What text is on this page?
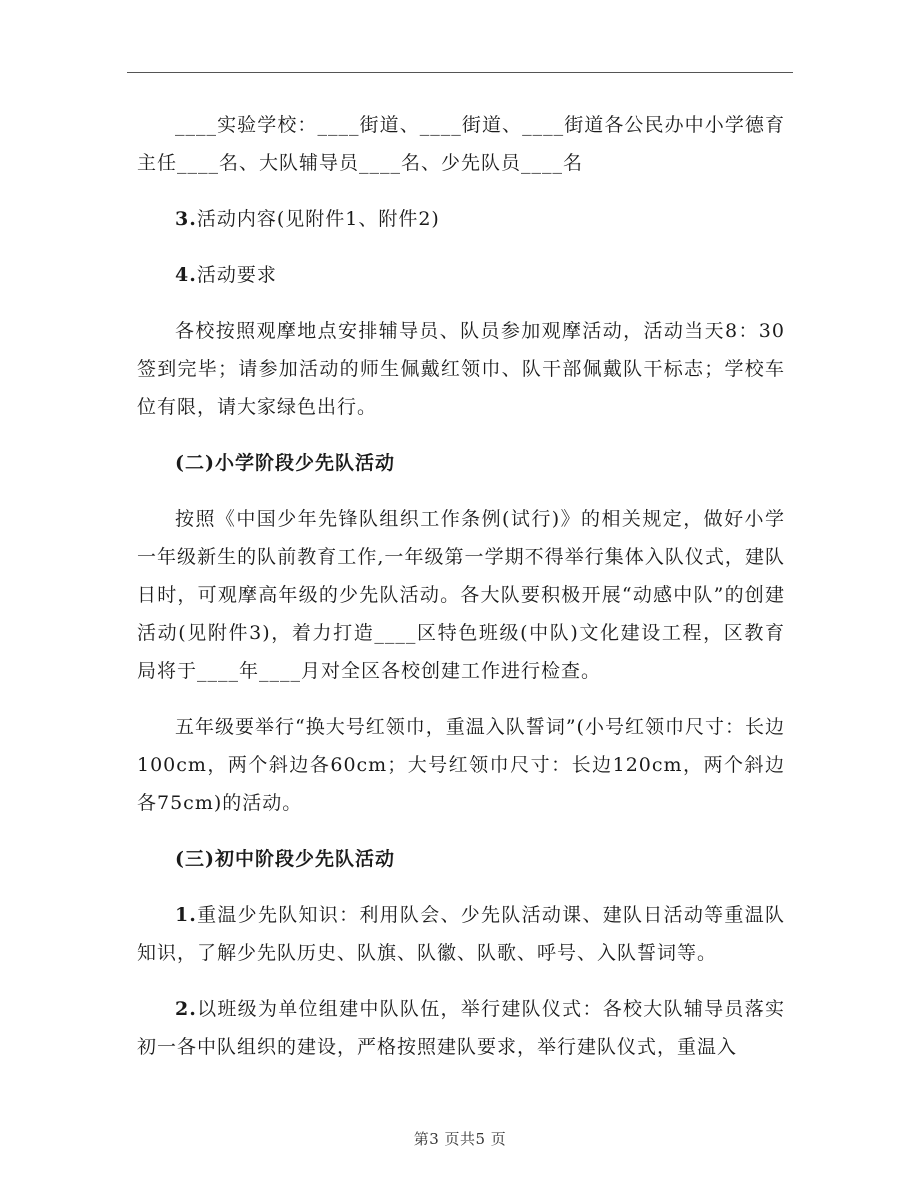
____实验学校：____街道、____街道、____街道各公民办中小学德育主任____名、大队辅导员____名、少先队员____名

3.活动内容(见附件1、附件2)

4.活动要求

各校按照观摩地点安排辅导员、队员参加观摩活动，活动当天8：30签到完毕；请参加活动的师生佩戴红领巾、队干部佩戴队干标志；学校车位有限，请大家绿色出行。

(二)小学阶段少先队活动

按照《中国少年先锋队组织工作条例(试行)》的相关规定，做好小学一年级新生的队前教育工作,一年级第一学期不得举行集体入队仪式，建队日时，可观摩高年级的少先队活动。各大队要积极开展“动感中队”的创建活动(见附件3)，着力打造____区特色班级(中队)文化建设工程，区教育局将于____年____月对全区各校创建工作进行检查。

五年级要举行“换大号红领巾，重温入队誓词”(小号红领巾尺寸：长边100cm，两个斜边各60cm；大号红领巾尺寸：长边120cm，两个斜边各75cm)的活动。

(三)初中阶段少先队活动

1.重温少先队知识：利用队会、少先队活动课、建队日活动等重温队知识，了解少先队历史、队旗、队徽、队歌、呼号、入队誓词等。

2.以班级为单位组建中队队伍，举行建队仪式：各校大队辅导员落实初一各中队组织的建设，严格按照建队要求，举行建队仪式，重温入

第3 页共5 页
